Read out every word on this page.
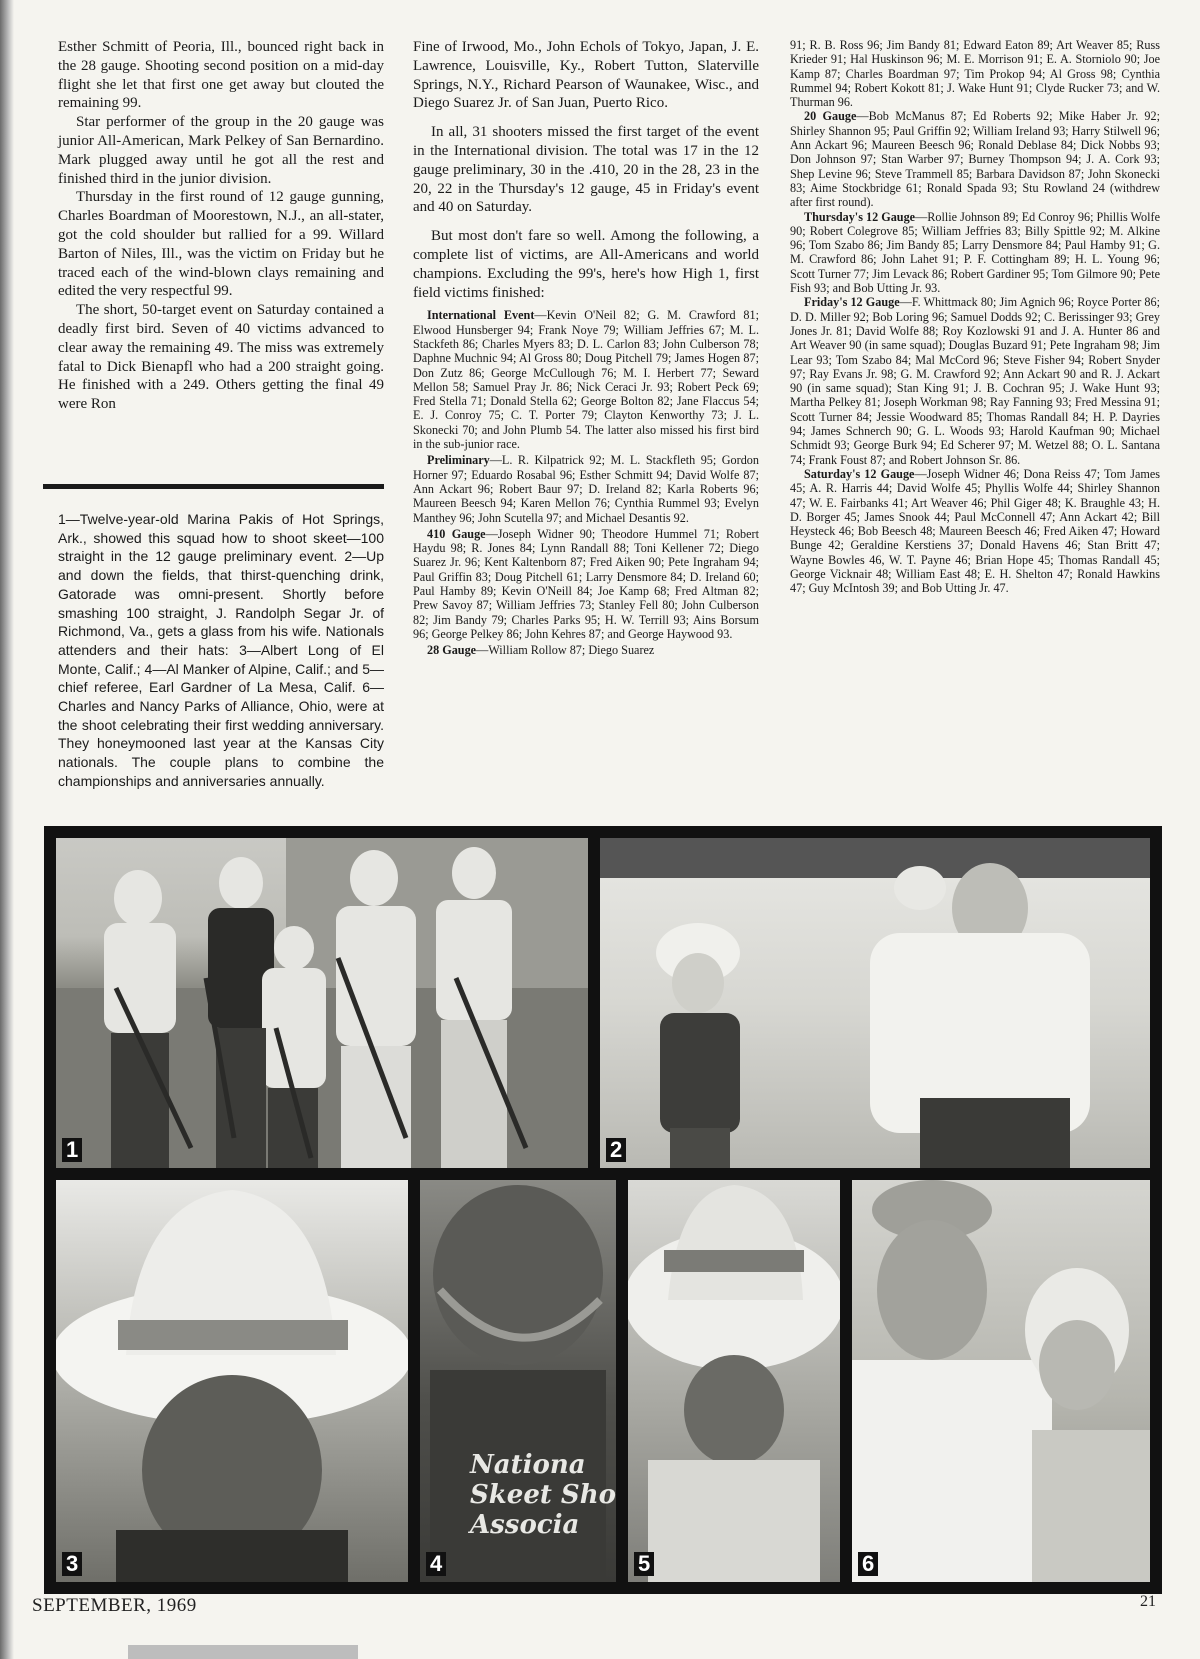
Esther Schmitt of Peoria, Ill., bounced right back in the 28 gauge. Shooting second position on a mid-day flight she let that first one get away but clouted the remaining 99.

Star performer of the group in the 20 gauge was junior All-American, Mark Pelkey of San Bernardino. Mark plugged away until he got all the rest and finished third in the junior division.

Thursday in the first round of 12 gauge gunning, Charles Boardman of Moorestown, N.J., an all-stater, got the cold shoulder but rallied for a 99. Willard Barton of Niles, Ill., was the victim on Friday but he traced each of the wind-blown clays remaining and edited the very respectful 99.

The short, 50-target event on Saturday contained a deadly first bird. Seven of 40 victims advanced to clear away the remaining 49. The miss was extremely fatal to Dick Bienapfl who had a 200 straight going. He finished with a 249. Others getting the final 49 were Ron

1—Twelve-year-old Marina Pakis of Hot Springs, Ark., showed this squad how to shoot skeet—100 straight in the 12 gauge preliminary event. 2—Up and down the fields, that thirst-quenching drink, Gatorade was omni-present. Shortly before smashing 100 straight, J. Randolph Segar Jr. of Richmond, Va., gets a glass from his wife. Nationals attenders and their hats: 3—Albert Long of El Monte, Calif.; 4—Al Manker of Alpine, Calif.; and 5— chief referee, Earl Gardner of La Mesa, Calif. 6—Charles and Nancy Parks of Alliance, Ohio, were at the shoot celebrating their first wedding anniversary. They honeymooned last year at the Kansas City nationals. The couple plans to combine the championships and anniversaries annually.

Fine of Irwood, Mo., John Echols of Tokyo, Japan, J. E. Lawrence, Louisville, Ky., Robert Tutton, Slaterville Springs, N.Y., Richard Pearson of Waunakee, Wisc., and Diego Suarez Jr. of San Juan, Puerto Rico.

In all, 31 shooters missed the first target of the event in the International division. The total was 17 in the 12 gauge preliminary, 30 in the .410, 20 in the 28, 23 in the 20, 22 in the Thursday's 12 gauge, 45 in Friday's event and 40 on Saturday.

But most don't fare so well. Among the following, a complete list of victims, are All-Americans and world champions. Excluding the 99's, here's how High 1, first field victims finished:

International Event—Kevin O'Neil 82; G. M. Crawford 81; Elwood Hunsberger 94; Frank Noye 79; William Jeffries 67; M. L. Stackfeth 86; Charles Myers 83; D. L. Carlon 83; John Culberson 78; Daphne Muchnic 94; Al Gross 80; Doug Pitchell 79; James Hogen 87; Don Zutz 86; George McCullough 76; M. I. Herbert 77; Seward Mellon 58; Samuel Pray Jr. 86; Nick Ceraci Jr. 93; Robert Peck 69; Fred Stella 71; Donald Stella 62; George Bolton 82; Jane Flaccus 54; E. J. Conroy 75; C. T. Porter 79; Clayton Kenworthy 73; J. L. Skonecki 70; and John Plumb 54. The latter also missed his first bird in the sub-junior race.

Preliminary—L. R. Kilpatrick 92; M. L. Stackfleth 95; Gordon Horner 97; Eduardo Rosabal 96; Esther Schmitt 94; David Wolfe 87; Ann Ackart 96; Robert Baur 97; D. Ireland 82; Karla Roberts 96; Maureen Beesch 94; Karen Mellon 76; Cynthia Rummel 93; Evelyn Manthey 96; John Scutella 97; and Michael Desantis 92.

410 Gauge—Joseph Widner 90; Theodore Hummel 71; Robert Haydu 98; R. Jones 84; Lynn Randall 88; Toni Kellener 72; Diego Suarez Jr. 96; Kent Kaltenborn 87; Fred Aiken 90; Pete Ingraham 94; Paul Griffin 83; Doug Pitchell 61; Larry Densmore 84; D. Ireland 60; Paul Hamby 89; Kevin O'Neill 84; Joe Kamp 68; Fred Altman 82; Prew Savoy 87; William Jeffries 73; Stanley Fell 80; John Culberson 82; Jim Bandy 79; Charles Parks 95; H. W. Terrill 93; Ains Borsum 96; George Pelkey 86; John Kehres 87; and George Haywood 93.

28 Gauge—William Rollow 87; Diego Suarez

91; R. B. Ross 96; Jim Bandy 81; Edward Eaton 89; Art Weaver 85; Russ Krieder 91; Hal Huskinson 96; M. E. Morrison 91; E. A. Storniolo 90; Joe Kamp 87; Charles Boardman 97; Tim Prokop 94; Al Gross 98; Cynthia Rummel 94; Robert Kokott 81; J. Wake Hunt 91; Clyde Rucker 73; and W. Thurman 96.

20 Gauge—Bob McManus 87; Ed Roberts 92; Mike Haber Jr. 92; Shirley Shannon 95; Paul Griffin 92; William Ireland 93; Harry Stilwell 96; Ann Ackart 96; Maureen Beesch 96; Ronald Deblase 84; Dick Nobbs 93; Don Johnson 97; Stan Warber 97; Burney Thompson 94; J. A. Cork 93; Shep Levine 96; Steve Trammell 85; Barbara Davidson 87; John Skonecki 83; Aime Stockbridge 61; Ronald Spada 93; Stu Rowland 24 (withdrew after first round).

Thursday's 12 Gauge—Rollie Johnson 89; Ed Conroy 96; Phillis Wolfe 90; Robert Colegrove 85; William Jeffries 83; Billy Spittle 92; M. Alkine 96; Tom Szabo 86; Jim Bandy 85; Larry Densmore 84; Paul Hamby 91; G. M. Crawford 86; John Lahet 91; P. F. Cottingham 89; H. L. Young 96; Scott Turner 77; Jim Levack 86; Robert Gardiner 95; Tom Gilmore 90; Pete Fish 93; and Bob Utting Jr. 93.

Friday's 12 Gauge—F. Whittmack 80; Jim Agnich 96; Royce Porter 86; D. D. Miller 92; Bob Loring 96; Samuel Dodds 92; C. Berissinger 93; Grey Jones Jr. 81; David Wolfe 88; Roy Kozlowski 91 and J. A. Hunter 86 and Art Weaver 90 (in same squad); Douglas Buzard 91; Pete Ingraham 98; Jim Lear 93; Tom Szabo 84; Mal McCord 96; Steve Fisher 94; Robert Snyder 97; Ray Evans Jr. 98; G. M. Crawford 92; Ann Ackart 90 and R. J. Ackart 90 (in same squad); Stan King 91; J. B. Cochran 95; J. Wake Hunt 93; Martha Pelkey 81; Joseph Workman 98; Ray Fanning 93; Fred Messina 91; Scott Turner 84; Jessie Woodward 85; Thomas Randall 84; H. P. Dayries 94; James Schnerch 90; G. L. Woods 93; Harold Kaufman 90; Michael Schmidt 93; George Burk 94; Ed Scherer 97; M. Wetzel 88; O. L. Santana 74; Frank Foust 87; and Robert Johnson Sr. 86.

Saturday's 12 Gauge—Joseph Widner 46; Dona Reiss 47; Tom James 45; A. R. Harris 44; David Wolfe 45; Phyllis Wolfe 44; Shirley Shannon 47; W. E. Fairbanks 41; Art Weaver 46; Phil Giger 48; K. Braughle 43; H. D. Borger 45; James Snook 44; Paul McConnell 47; Ann Ackart 42; Bill Heysteck 46; Bob Beesch 48; Maureen Beesch 46; Fred Aiken 47; Howard Bunge 42; Geraldine Kerstiens 37; Donald Havens 46; Stan Britt 47; Wayne Bowles 46, W. T. Payne 46; Brian Hope 45; Thomas Randall 45; George Vicknair 48; William East 48; E. H. Shelton 47; Ronald Hawkins 47; Guy McIntosh 39; and Bob Utting Jr. 47.

1	2
3
Nationa
Skeet Sho
Associa
4	5	6
SEPTEMBER, 1969	21
